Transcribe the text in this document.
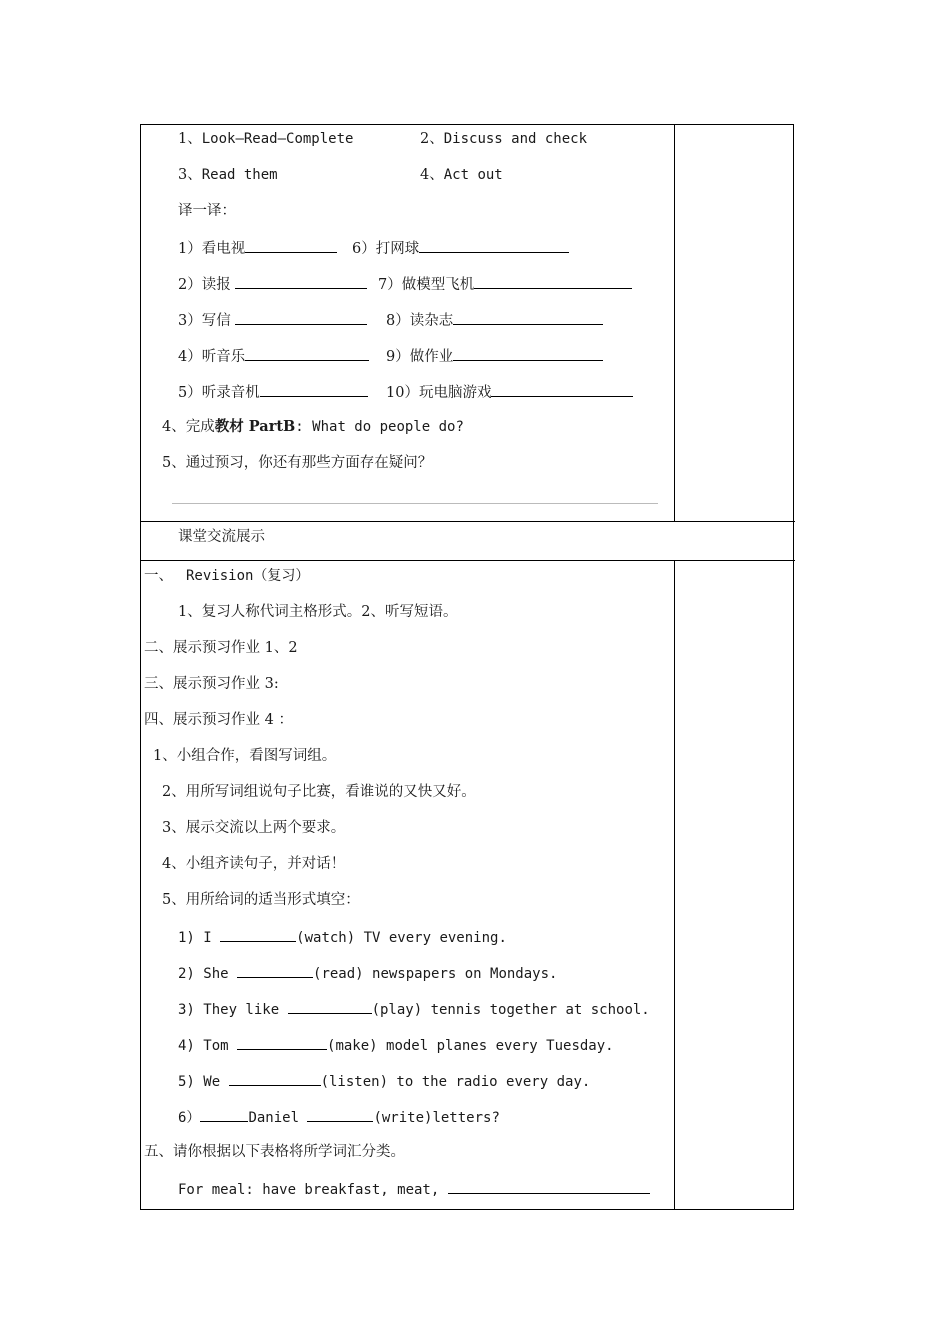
1、Look—Read—Complete	2、Discuss and check
3、Read them	4、Act out
译一译：
1）看电视	6）打网球
2）读报	7）做模型飞机
3）写信	8）读杂志
4）听音乐	9）做作业
5）听录音机	10）玩电脑游戏
4、完成教材 PartB: What do people do?
5、通过预习，你还有那些方面存在疑问？
课堂交流展示
一、 Revision（复习）
1、复习人称代词主格形式。2、听写短语。
二、展示预习作业 1、2
三、展示预习作业 3:
四、展示预习作业 4 ：
1、小组合作，看图写词组。
2、用所写词组说句子比赛，看谁说的又快又好。
3、展示交流以上两个要求。
4、小组齐读句子，并对话！
5、用所给词的适当形式填空：
1) I	(watch) TV every evening.
2) She	(read) newspapers on Mondays.
3) They like	(play) tennis together at school.
4) Tom	(make) model planes every Tuesday.
5) We	(listen) to the radio every day.
6）	Daniel	(write)letters?
五、请你根据以下表格将所学词汇分类。
For meal: have breakfast, meat,
